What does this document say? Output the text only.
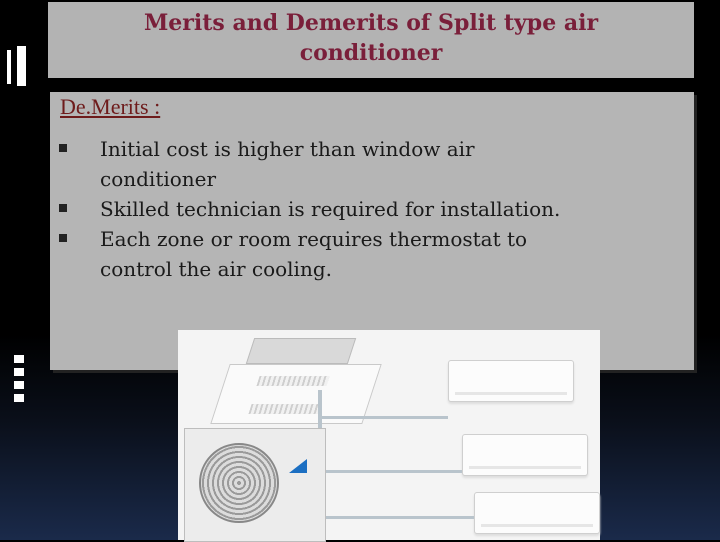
Merits and Demerits of Split type air
conditioner
De.Merits :
Initial cost is higher than window air
conditioner
Skilled technician is required for installation.
Each zone or room requires thermostat to
control the air cooling.
